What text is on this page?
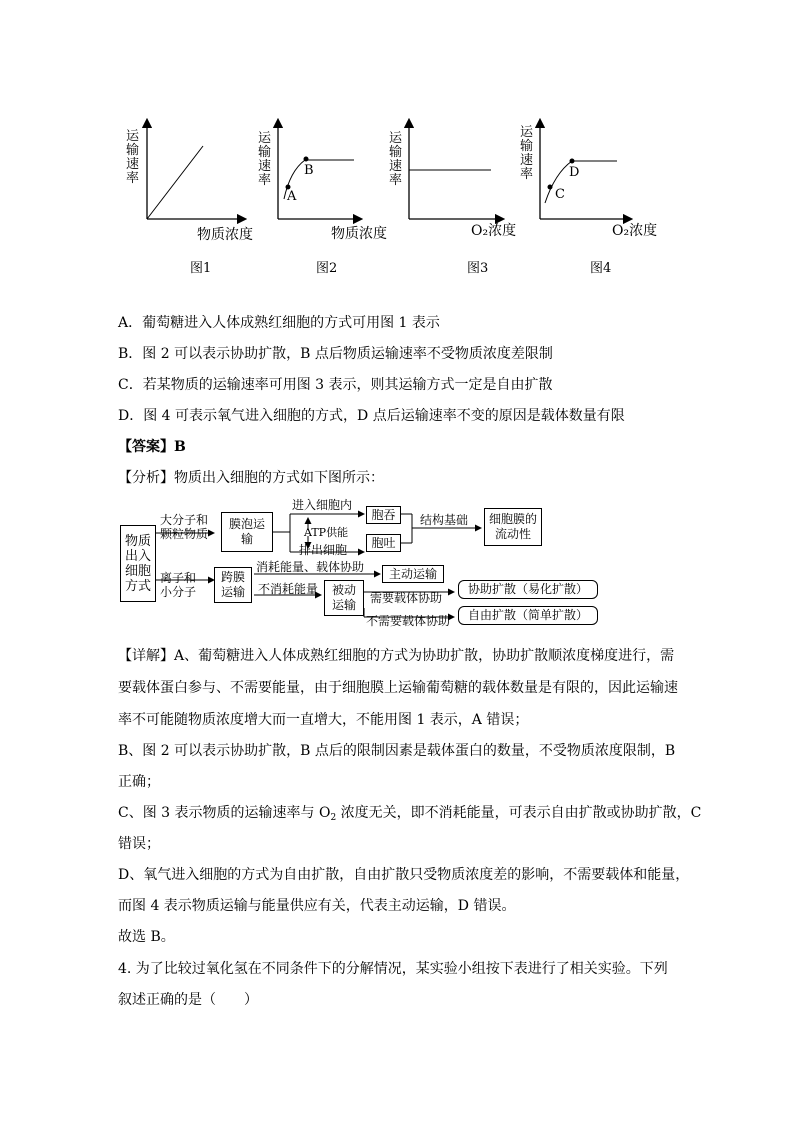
运输速率
运输速率
运输速率
运输速率
A
B
C
D
物质浓度	物质浓度	O₂浓度	O₂浓度
图1	图2	图3	图4
A．葡萄糖进入人体成熟红细胞的方式可用图 1 表示
B．图 2 可以表示协助扩散，B 点后物质运输速率不受物质浓度差限制
C．若某物质的运输速率可用图 3 表示，则其运输方式一定是自由扩散
D．图 4 可表示氧气进入细胞的方式，D 点后运输速率不变的原因是载体数量有限
【答案】B
【分析】物质出入细胞的方式如下图所示：
物质出入细胞方式
大分子和颗粒物质
膜泡运输
进入细胞内
ATP供能
排出细胞
胞吞
胞吐
结构基础	细胞膜的流动性
离子和小分子
跨膜运输
消耗能量、载体协助	主动运输
不消耗能量	被动运输	需要载体协助
不需要载体协助
协助扩散（易化扩散）
自由扩散（简单扩散）
【详解】A、葡萄糖进入人体成熟红细胞的方式为协助扩散，协助扩散顺浓度梯度进行，需
要载体蛋白参与、不需要能量，由于细胞膜上运输葡萄糖的载体数量是有限的，因此运输速
率不可能随物质浓度增大而一直增大，不能用图 1 表示，A 错误；
B、图 2 可以表示协助扩散，B 点后的限制因素是载体蛋白的数量，不受物质浓度限制，B
正确；
C、图 3 表示物质的运输速率与 $O_2$ 浓度无关，即不消耗能量，可表示自由扩散或协助扩散，C
错误；
D、氧气进入细胞的方式为自由扩散，自由扩散只受物质浓度差的影响，不需要载体和能量，
而图 4 表示物质运输与能量供应有关，代表主动运输，D 错误。
故选 B。
4. 为了比较过氧化氢在不同条件下的分解情况，某实验小组按下表进行了相关实验。下列
叙述正确的是（　　）
